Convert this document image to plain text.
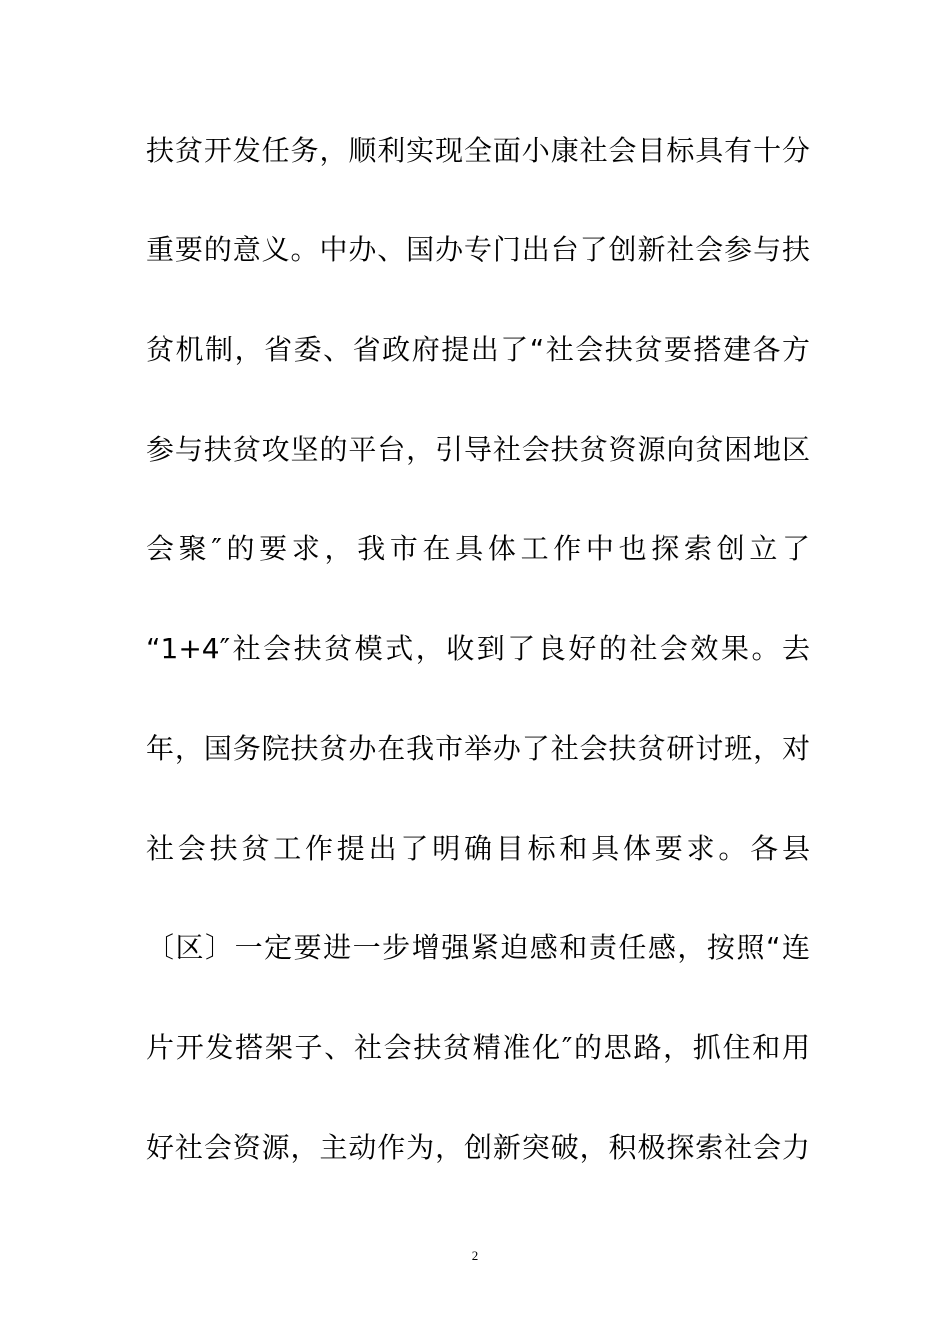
扶贫开发任务，顺利实现全面小康社会目标具有十分
重要的意义。中办、国办专门出台了创新社会参与扶
贫机制，省委、省政府提出了“社会扶贫要搭建各方
参与扶贫攻坚的平台，引导社会扶贫资源向贫困地区
会聚″的要求，我市在具体工作中也探索创立了
“1+4″社会扶贫模式，收到了良好的社会效果。去
年，国务院扶贫办在我市举办了社会扶贫研讨班，对
社会扶贫工作提出了明确目标和具体要求。各县
〔区〕一定要进一步增强紧迫感和责任感，按照“连
片开发搭架子、社会扶贫精准化″的思路，抓住和用
好社会资源，主动作为，创新突破，积极探索社会力
2
